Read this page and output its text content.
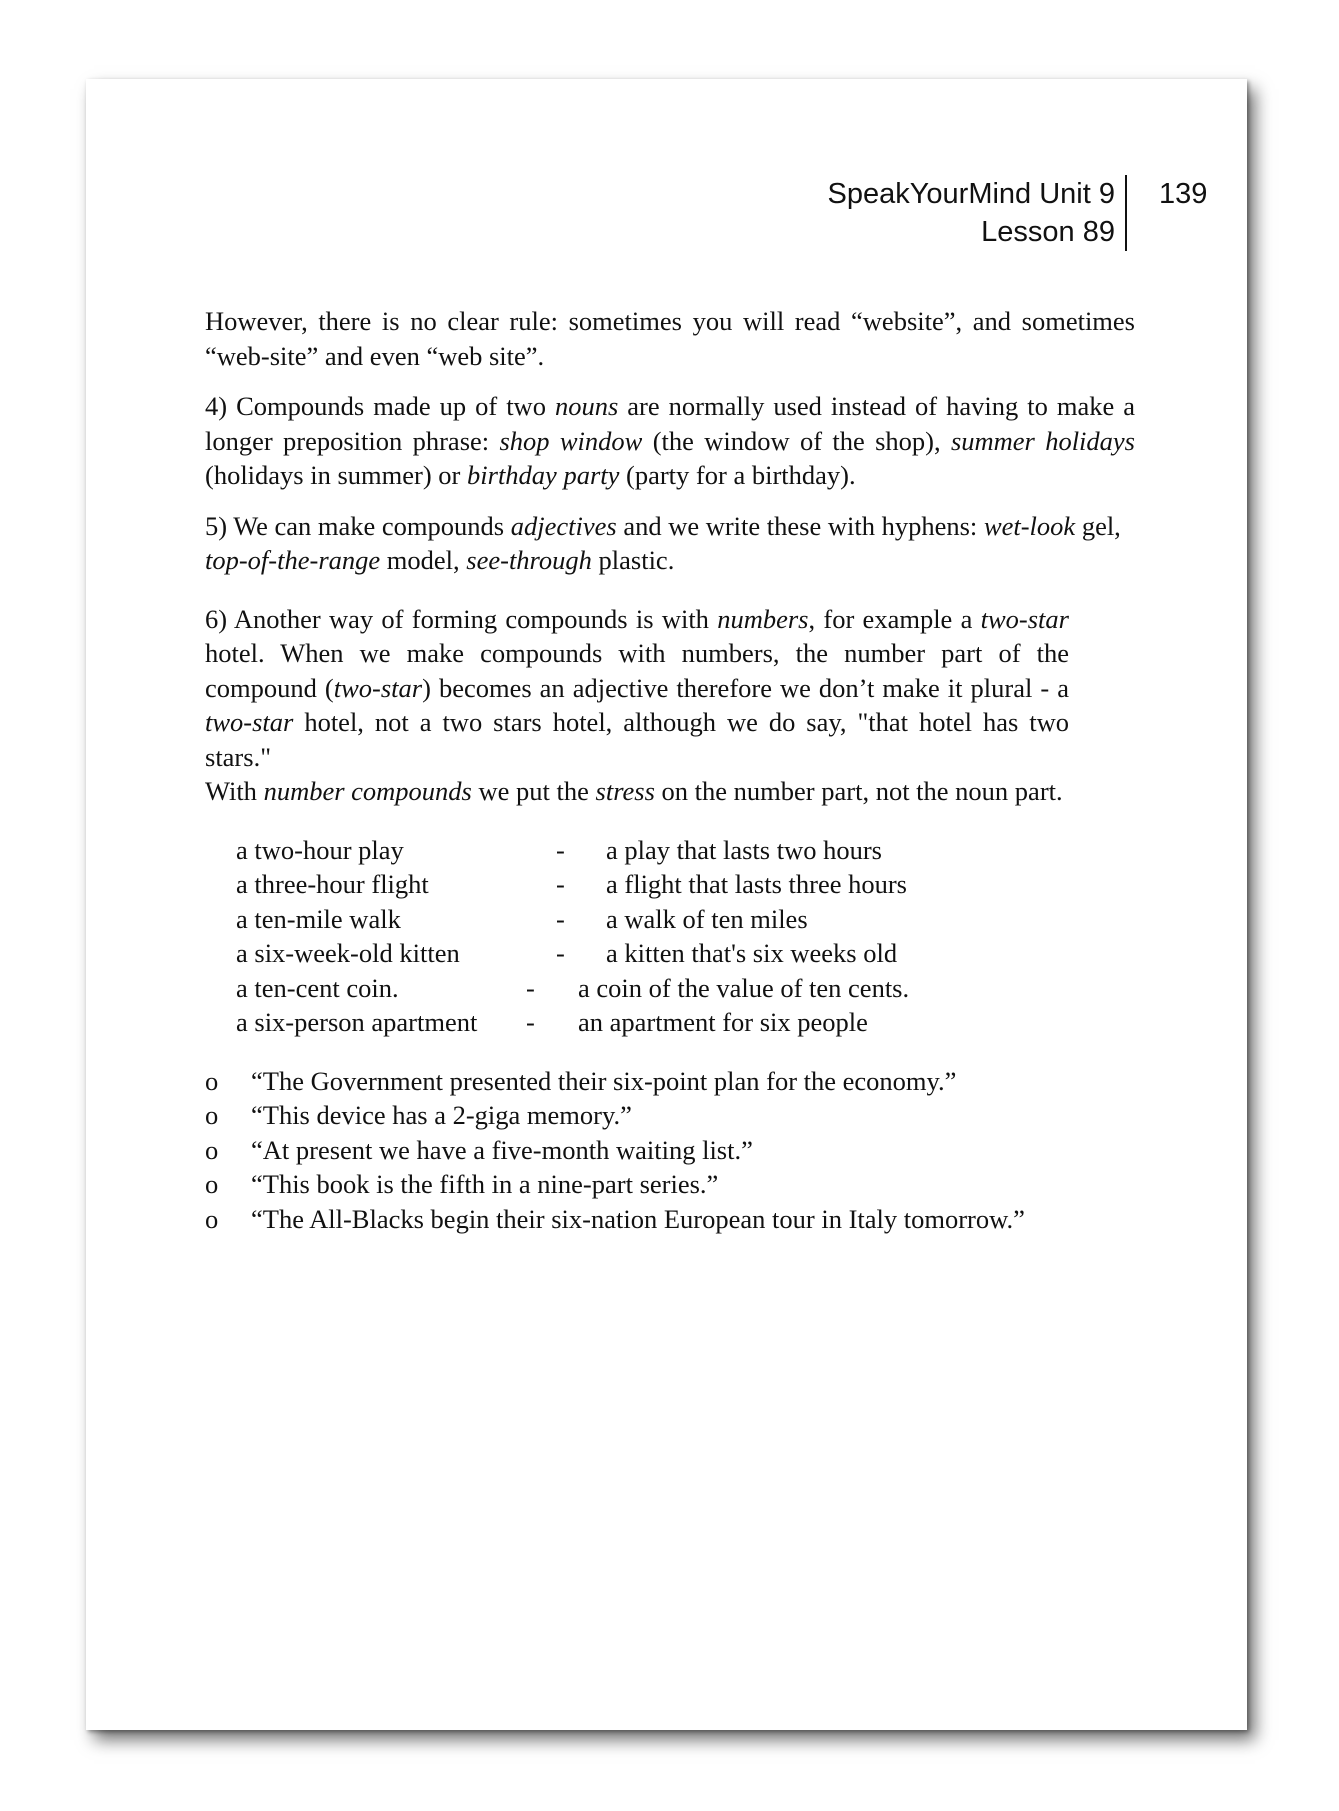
SpeakYourMind Unit 9
Lesson 89
139

However, there is no clear rule: sometimes you will read “website”, and sometimes “web-site” and even “web site”.

4) Compounds made up of two nouns are normally used instead of having to make a longer preposition phrase: shop window (the window of the shop), summer holidays (holidays in summer) or birthday party (party for a birthday).

5) We can make compounds adjectives and we write these with hyphens: wet-look gel, top-of-the-range model, see-through plastic.

6) Another way of forming compounds is with numbers, for example a two-star hotel. When we make compounds with numbers, the number part of the compound (two-star) becomes an adjective therefore we don’t make it plural - a two-star hotel, not a two stars hotel, although we do say, "that hotel has two stars."

With number compounds we put the stress on the number part, not the noun part.

a two-hour play	-	a play that lasts two hours
a three-hour flight	-	a flight that lasts three hours
a ten-mile walk	-	a walk of ten miles
a six-week-old kitten	-	a kitten that's six weeks old
a ten-cent coin.	-	a coin of the value of ten cents.
a six-person apartment	-	an apartment for six people
o	“The Government presented their six-point plan for the economy.”
o	“This device has a 2-giga memory.”
o	“At present we have a five-month waiting list.”
o	“This book is the fifth in a nine-part series.”
o	“The All-Blacks begin their six-nation European tour in Italy tomorrow.”
